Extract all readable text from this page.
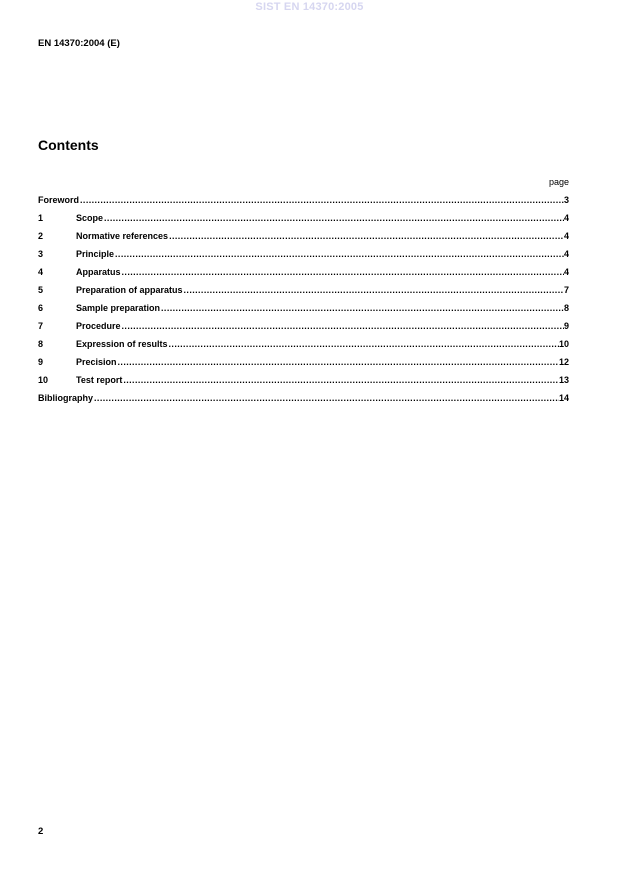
SIST EN 14370:2005
EN 14370:2004 (E)
Contents
page
Foreword .....	3
1	Scope .....	4
2	Normative references .....	4
3	Principle .....	4
4	Apparatus .....	4
5	Preparation of apparatus .....	7
6	Sample preparation .....	8
7	Procedure .....	9
8	Expression of results .....	10
9	Precision .....	12
10	Test report .....	13
Bibliography .....	14
2
